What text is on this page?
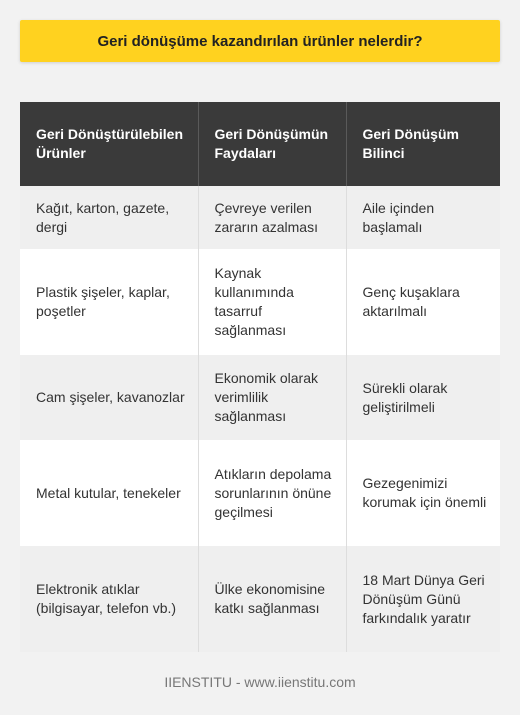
Geri dönüşüme kazandırılan ürünler nelerdir?
Geri Dönüştürülebilen Ürünler	Geri Dönüşümün Faydaları	Geri Dönüşüm Bilinci
Kağıt, karton, gazete, dergi	Çevreye verilen zararın azalması	Aile içinden başlamalı
Plastik şişeler, kaplar, poşetler	Kaynak kullanımında tasarruf sağlanması	Genç kuşaklara aktarılmalı
Cam şişeler, kavanozlar	Ekonomik olarak verimlilik sağlanması	Sürekli olarak geliştirilmeli
Metal kutular, tenekeler	Atıkların depolama sorunlarının önüne geçilmesi	Gezegenimizi korumak için önemli
Elektronik atıklar (bilgisayar, telefon vb.)	Ülke ekonomisine katkı sağlanması	18 Mart Dünya Geri Dönüşüm Günü farkındalık yaratır
IIENSTITU - www.iienstitu.com
